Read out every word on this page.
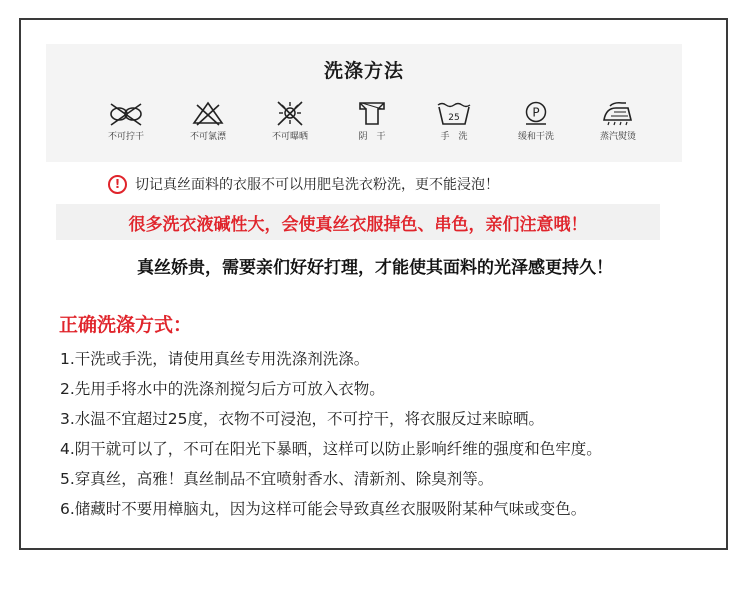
洗涤方法
不可拧干	不可氯漂	不可曝晒	阴　干
25
手　洗
P
缓和干洗	蒸汽熨烫
!	切记真丝面料的衣服不可以用肥皂洗衣粉洗，更不能浸泡！
很多洗衣液碱性大，会使真丝衣服掉色、串色，亲们注意哦！
真丝娇贵，需要亲们好好打理，才能使其面料的光泽感更持久！
正确洗涤方式：
1.干洗或手洗，请使用真丝专用洗涤剂洗涤。
2.先用手将水中的洗涤剂搅匀后方可放入衣物。
3.水温不宜超过25度，衣物不可浸泡，不可拧干，将衣服反过来晾晒。
4.阴干就可以了，不可在阳光下暴晒，这样可以防止影响纤维的强度和色牢度。
5.穿真丝，高雅！真丝制品不宜喷射香水、清新剂、除臭剂等。
6.储藏时不要用樟脑丸，因为这样可能会导致真丝衣服吸附某种气味或变色。
